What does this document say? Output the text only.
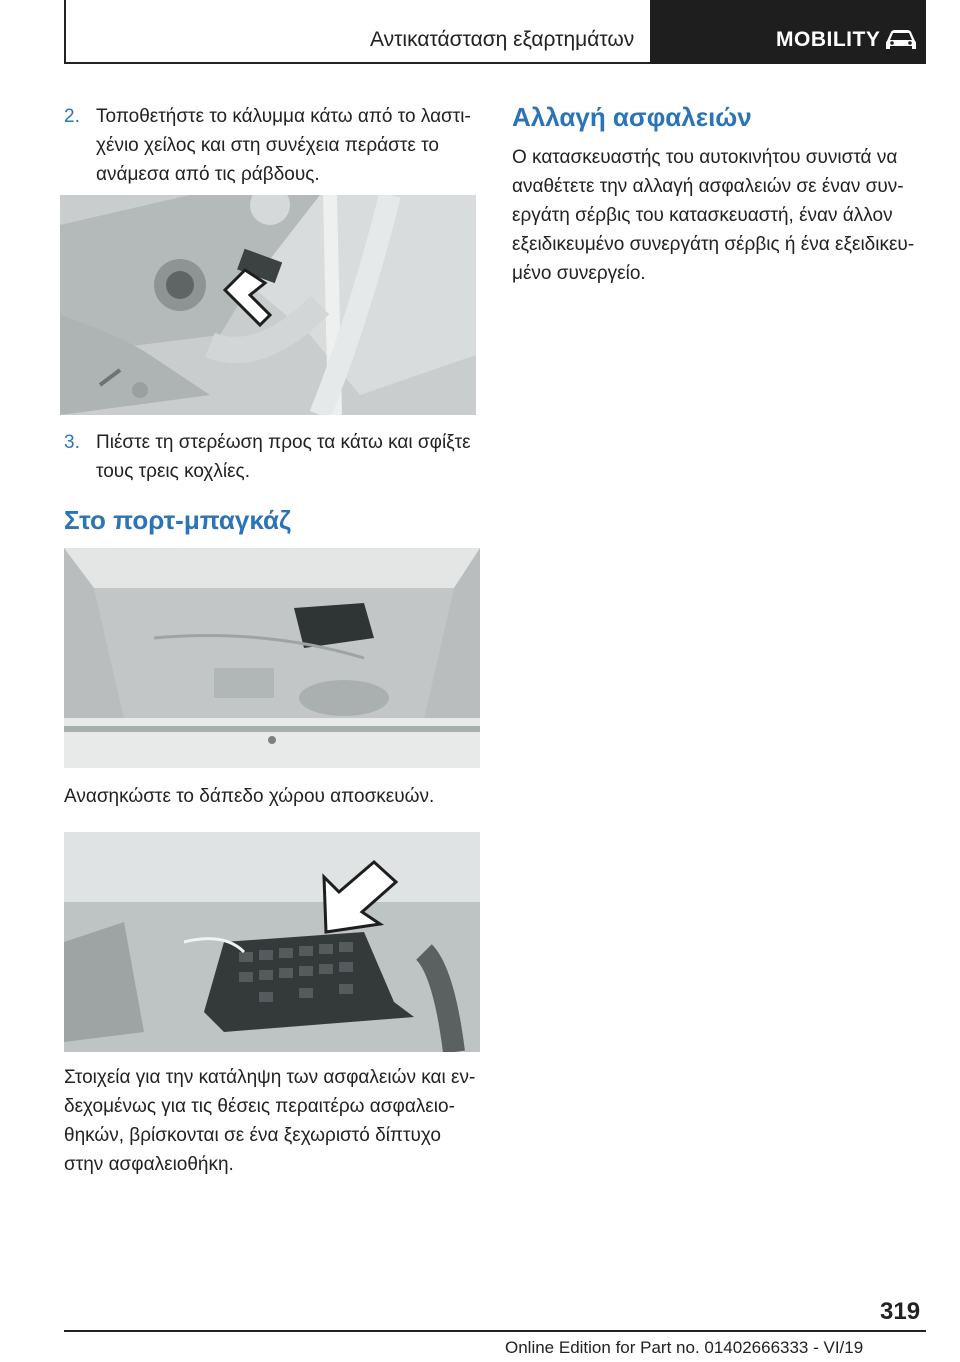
Αντικατάσταση εξαρτημάτων	MOBILITY
2. Τοποθετήστε το κάλυμμα κάτω από το λαστι-
χένιο χείλος και στη συνέχεια περάστε το
ανάμεσα από τις ράβδους.
3. Πιέστε τη στερέωση προς τα κάτω και σφίξτε
τους τρεις κοχλίες.
Στο πορτ-μπαγκάζ
Ανασηκώστε το δάπεδο χώρου αποσκευών.
Στοιχεία για την κατάληψη των ασφαλειών και εν-
δεχομένως για τις θέσεις περαιτέρω ασφαλειο-
θηκών, βρίσκονται σε ένα ξεχωριστό δίπτυχο
στην ασφαλειοθήκη.
Αλλαγή ασφαλειών
Ο κατασκευαστής του αυτοκινήτου συνιστά να
αναθέτετε την αλλαγή ασφαλειών σε έναν συν-
εργάτη σέρβις του κατασκευαστή, έναν άλλον
εξειδικευμένο συνεργάτη σέρβις ή ένα εξειδικευ-
μένο συνεργείο.
319
Online Edition for Part no. 01402666333 - VI/19
